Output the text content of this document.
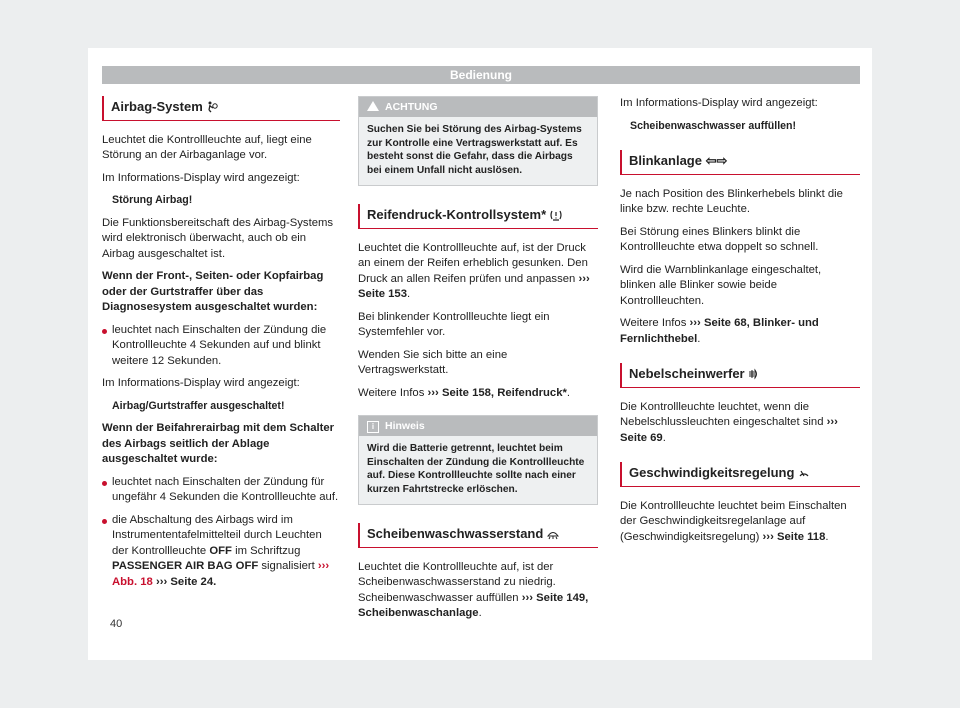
Bedienung
Airbag-System

Leuchtet die Kontrollleuchte auf, liegt eine Störung an der Airbaganlage vor.

Im Informations-Display wird angezeigt:

Störung Airbag!

Die Funktionsbereitschaft des Airbag-Systems wird elektronisch überwacht, auch ob ein Airbag ausgeschaltet ist.

Wenn der Front-, Seiten- oder Kopfairbag oder der Gurtstraffer über das Diagnosesystem ausgeschaltet wurden:

leuchtet nach Einschalten der Zündung die Kontrollleuchte 4 Sekunden auf und blinkt weitere 12 Sekunden.

Im Informations-Display wird angezeigt:

Airbag/Gurtstraffer ausgeschaltet!

Wenn der Beifahrerairbag mit dem Schalter des Airbags seitlich der Ablage ausgeschaltet wurde:

leuchtet nach Einschalten der Zündung für ungefähr 4 Sekunden die Kontrollleuchte auf.
die Abschaltung des Airbags wird im Instrumententafelmittelteil durch Leuchten der Kontrollleuchte OFF im Schriftzug PASSENGER AIR BAG OFF signalisiert ››› Abb. 18 ››› Seite 24.
ACHTUNG
Suchen Sie bei Störung des Airbag-Systems zur Kontrolle eine Vertragswerkstatt auf. Es besteht sonst die Gefahr, dass die Airbags bei einem Unfall nicht auslösen.
Reifendruck-Kontrollsystem*

Leuchtet die Kontrollleuchte auf, ist der Druck an einem der Reifen erheblich gesunken. Den Druck an allen Reifen prüfen und anpassen ››› Seite 153.

Bei blinkender Kontrollleuchte liegt ein Systemfehler vor.

Wenden Sie sich bitte an eine Vertragswerkstatt.

Weitere Infos ››› Seite 158, Reifendruck*.

i Hinweis
Wird die Batterie getrennt, leuchtet beim Einschalten der Zündung die Kontrollleuchte auf. Diese Kontrollleuchte sollte nach einer kurzen Fahrtstrecke erlöschen.
Scheibenwaschwasserstand

Leuchtet die Kontrollleuchte auf, ist der Scheibenwaschwasserstand zu niedrig. Scheibenwaschwasser auffüllen ››› Seite 149, Scheibenwaschanlage.

Im Informations-Display wird angezeigt:

Scheibenwaschwasser auffüllen!
Blinkanlage ⇦⇨

Je nach Position des Blinkerhebels blinkt die linke bzw. rechte Leuchte.

Bei Störung eines Blinkers blinkt die Kontrollleuchte etwa doppelt so schnell.

Wird die Warnblinkanlage eingeschaltet, blinken alle Blinker sowie beide Kontrollleuchten.

Weitere Infos ››› Seite 68, Blinker- und Fernlichthebel.

Nebelscheinwerfer

Die Kontrollleuchte leuchtet, wenn die Nebelschlussleuchten eingeschaltet sind ››› Seite 69.

Geschwindigkeitsregelung

Die Kontrollleuchte leuchtet beim Einschalten der Geschwindigkeitsregelanlage auf (Geschwindigkeitsregelung) ››› Seite 118.

40
